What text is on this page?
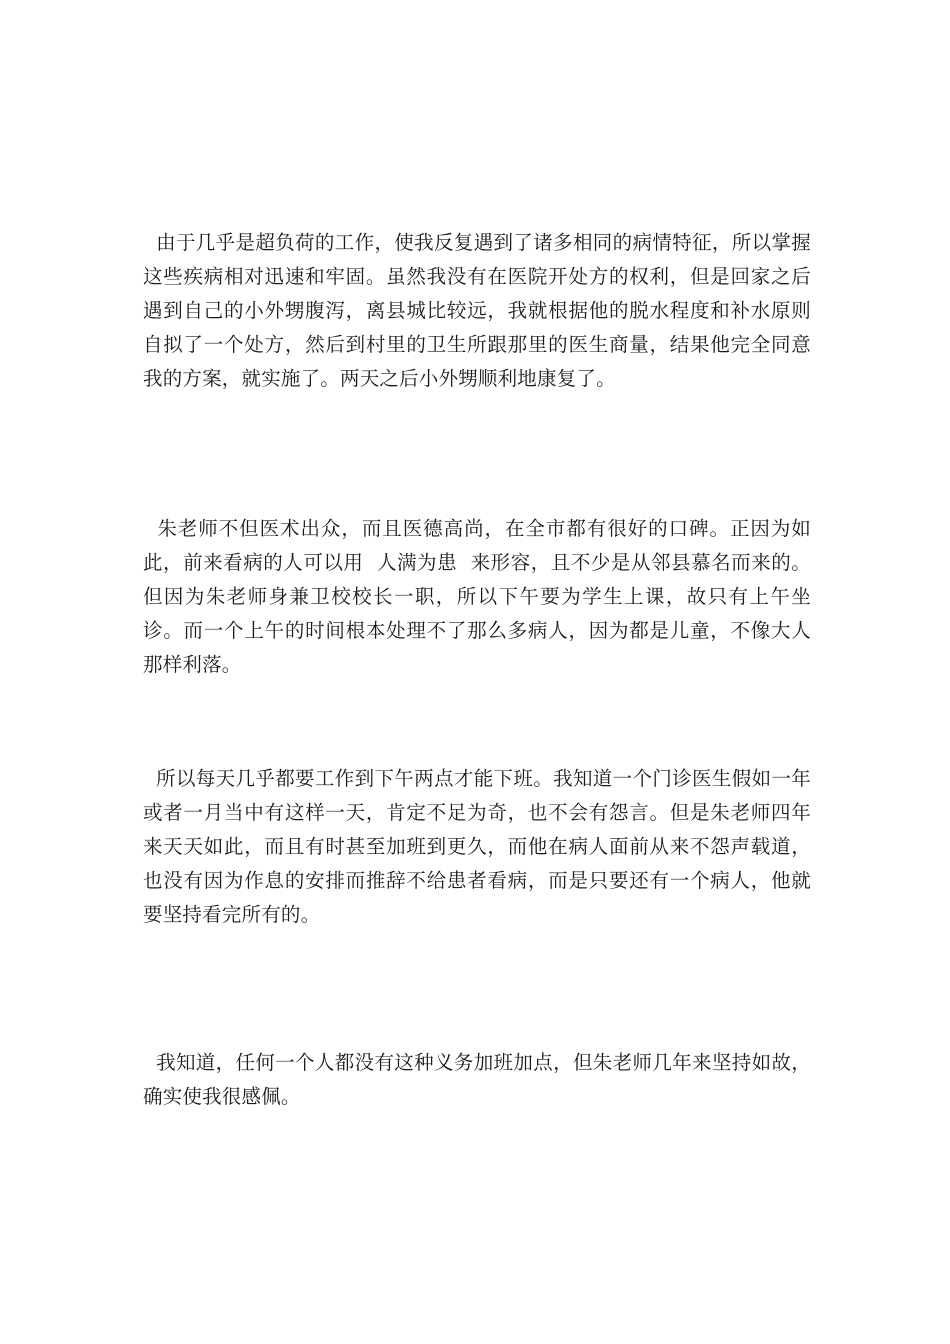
由于几乎是超负荷的工作，使我反复遇到了诸多相同的病情特征，所以掌握这些疾病相对迅速和牢固。虽然我没有在医院开处方的权利，但是回家之后遇到自己的小外甥腹泻，离县城比较远，我就根据他的脱水程度和补水原则自拟了一个处方，然后到村里的卫生所跟那里的医生商量，结果他完全同意我的方案，就实施了。两天之后小外甥顺利地康复了。

朱老师不但医术出众，而且医德高尚，在全市都有很好的口碑。正因为如此，前来看病的人可以用  人满为患  来形容，且不少是从邻县慕名而来的。但因为朱老师身兼卫校校长一职，所以下午要为学生上课，故只有上午坐诊。而一个上午的时间根本处理不了那么多病人，因为都是儿童，不像大人那样利落。

所以每天几乎都要工作到下午两点才能下班。我知道一个门诊医生假如一年或者一月当中有这样一天，肯定不足为奇，也不会有怨言。但是朱老师四年来天天如此，而且有时甚至加班到更久，而他在病人面前从来不怨声载道，也没有因为作息的安排而推辞不给患者看病，而是只要还有一个病人，他就要坚持看完所有的。

我知道，任何一个人都没有这种义务加班加点，但朱老师几年来坚持如故，确实使我很感佩。
